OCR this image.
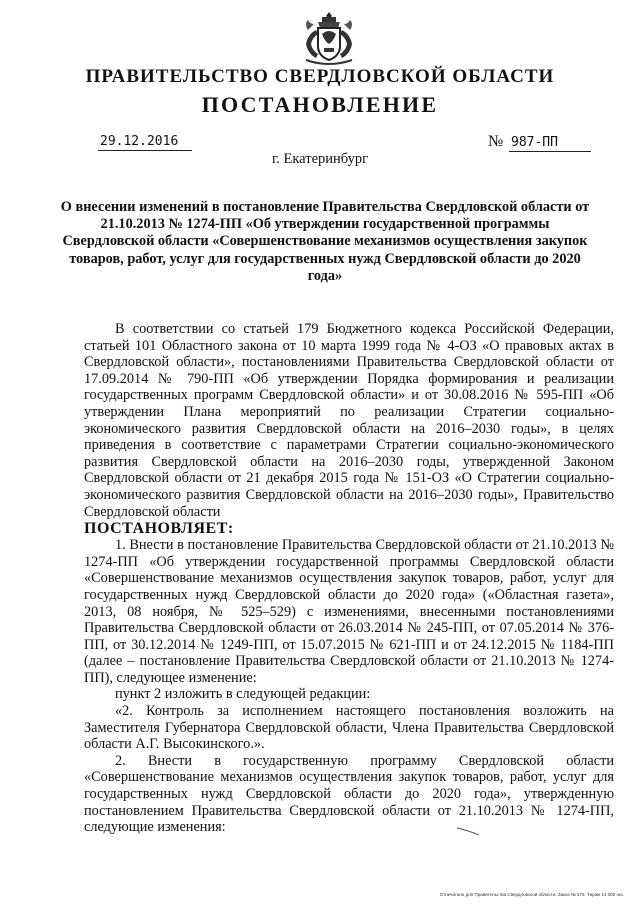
ПРАВИТЕЛЬСТВО СВЕРДЛОВСКОЙ ОБЛАСТИ
ПОСТАНОВЛЕНИЕ
29.12.2016	№ 987-ПП
г. Екатеринбург
О внесении изменений в постановление Правительства Свердловской области от 21.10.2013 № 1274-ПП «Об утверждении государственной программы Свердловской области «Совершенствование механизмов осуществления закупок товаров, работ, услуг для государственных нужд Свердловской области до 2020 года»

В соответствии со статьей 179 Бюджетного кодекса Российской Федерации, статьей 101 Областного закона от 10 марта 1999 года № 4-ОЗ «О правовых актах в Свердловской области», постановлениями Правительства Свердловской области от 17.09.2014 № 790-ПП «Об утверждении Порядка формирования и реализации государственных программ Свердловской области» и от 30.08.2016 № 595-ПП «Об утверждении Плана мероприятий по реализации Стратегии социально-экономического развития Свердловской области на 2016–2030 годы», в целях приведения в соответствие с параметрами Стратегии социально-экономического развития Свердловской области на 2016–2030 годы, утвержденной Законом Свердловской области от 21 декабря 2015 года № 151-ОЗ «О Стратегии социально-экономического развития Свердловской области на 2016–2030 годы», Правительство Свердловской области

ПОСТАНОВЛЯЕТ:

1. Внести в постановление Правительства Свердловской области от 21.10.2013 № 1274-ПП «Об утверждении государственной программы Свердловской области «Совершенствование механизмов осуществления закупок товаров, работ, услуг для государственных нужд Свердловской области до 2020 года» («Областная газета», 2013, 08 ноября, № 525–529) с изменениями, внесенными постановлениями Правительства Свердловской области от 26.03.2014 № 245-ПП, от 07.05.2014 № 376-ПП, от 30.12.2014 № 1249-ПП, от 15.07.2015 № 621-ПП и от 24.12.2015 № 1184-ПП (далее – постановление Правительства Свердловской области от 21.10.2013 № 1274-ПП), следующее изменение:

пункт 2 изложить в следующей редакции:

«2. Контроль за исполнением настоящего постановления возложить на Заместителя Губернатора Свердловской области, Члена Правительства Свердловской области А.Г. Высокинского.».

2. Внести в государственную программу Свердловской области «Совершенствование механизмов осуществления закупок товаров, работ, услуг для государственных нужд Свердловской области до 2020 года», утвержденную постановлением Правительства Свердловской области от 21.10.2013 № 1274-ПП, следующие изменения:

Отпечатано для Правительства Свердловской области. Заказ № 575. Тираж 14 000 экз.
